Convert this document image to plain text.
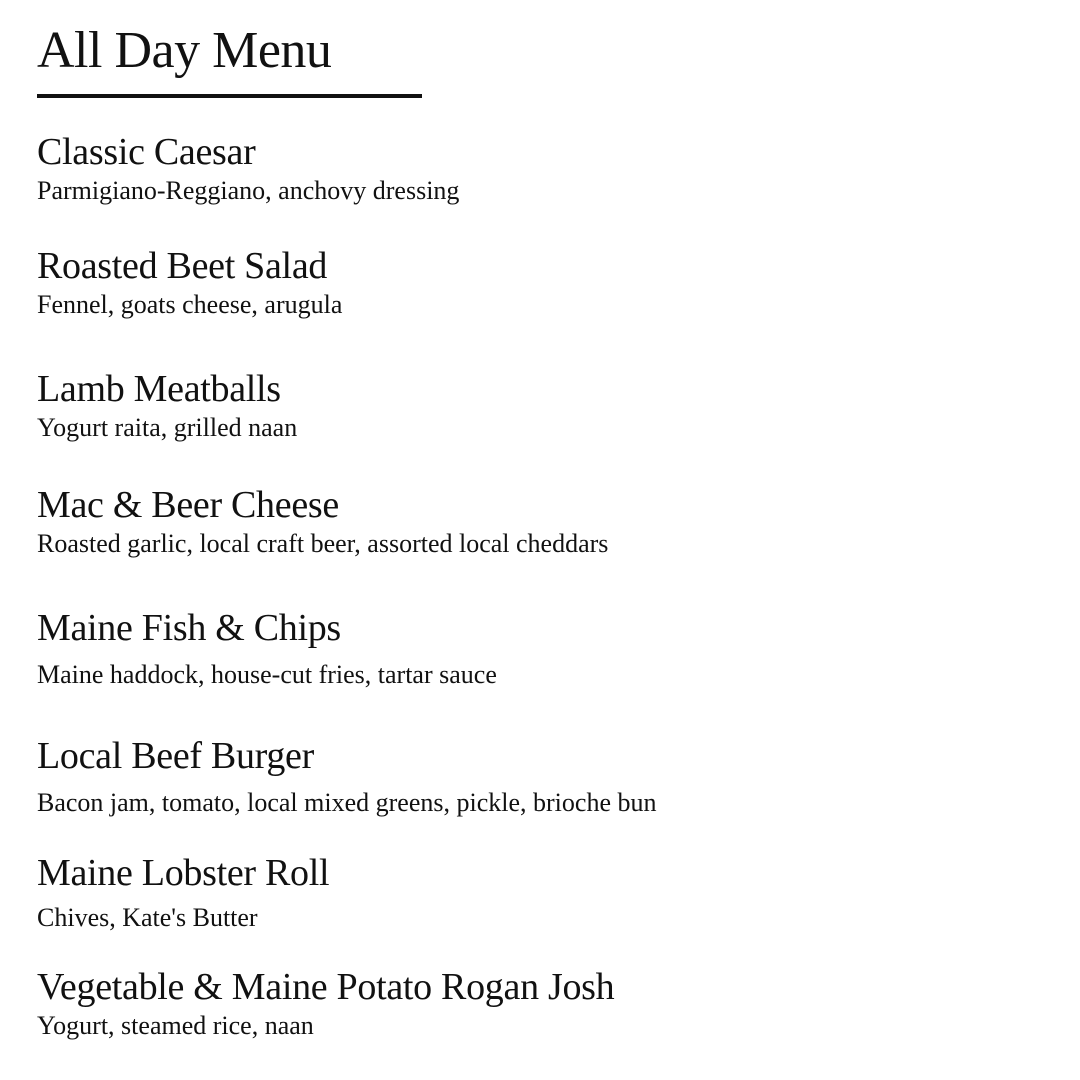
All Day Menu
Classic Caesar
Parmigiano-Reggiano, anchovy dressing
Roasted Beet Salad
Fennel, goats cheese, arugula
Lamb Meatballs
Yogurt raita, grilled naan
Mac & Beer Cheese
Roasted garlic, local craft beer, assorted local cheddars
Maine Fish & Chips
Maine haddock, house-cut fries, tartar sauce
Local Beef Burger
Bacon jam, tomato, local mixed greens, pickle, brioche bun
Maine Lobster Roll
Chives, Kate's Butter
Vegetable & Maine Potato Rogan Josh
Yogurt, steamed rice, naan
